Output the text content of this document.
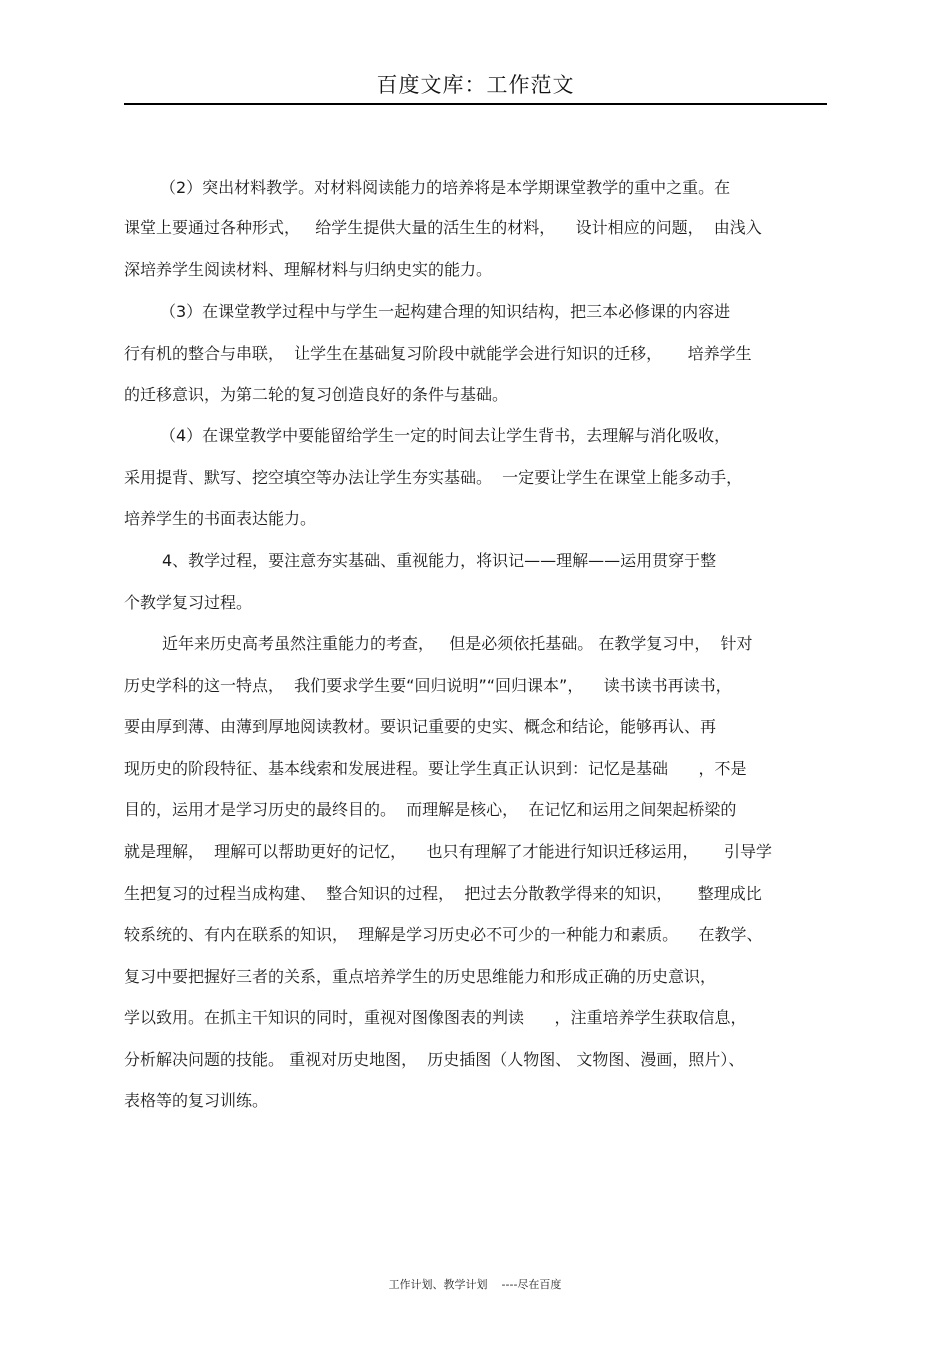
百度文库：工作范文
（2）突出材料教学。对材料阅读能力的培养将是本学期课堂教学的重中之重。在
课堂上要通过各种形式，   给学生提供大量的活生生的材料，    设计相应的问题，  由浅入
深培养学生阅读材料、理解材料与归纳史实的能力。
（3）在课堂教学过程中与学生一起构建合理的知识结构，把三本必修课的内容进
行有机的整合与串联，  让学生在基础复习阶段中就能学会进行知识的迁移，     培养学生
的迁移意识，为第二轮的复习创造良好的条件与基础。
（4）在课堂教学中要能留给学生一定的时间去让学生背书，去理解与消化吸收，
采用提背、默写、挖空填空等办法让学生夯实基础。  一定要让学生在课堂上能多动手，
培养学生的书面表达能力。
4、教学过程，要注意夯实基础、重视能力，将识记——理解——运用贯穿于整
个教学复习过程。
近年来历史高考虽然注重能力的考查，   但是必须依托基础。 在教学复习中，  针对
历史学科的这一特点，  我们要求学生要“回归说明”“回归课本”，    读书读书再读书，
要由厚到薄、由薄到厚地阅读教材。要识记重要的史实、概念和结论，能够再认、再
现历史的阶段特征、基本线索和发展进程。要让学生真正认识到：记忆是基础      ，不是
目的，运用才是学习历史的最终目的。  而理解是核心，  在记忆和运用之间架起桥梁的
就是理解，  理解可以帮助更好的记忆，    也只有理解了才能进行知识迁移运用，     引导学
生把复习的过程当成构建、  整合知识的过程，  把过去分散教学得来的知识，     整理成比
较系统的、有内在联系的知识，  理解是学习历史必不可少的一种能力和素质。    在教学、
复习中要把握好三者的关系，重点培养学生的历史思维能力和形成正确的历史意识，
学以致用。在抓主干知识的同时，重视对图像图表的判读      ，注重培养学生获取信息，
分析解决问题的技能。 重视对历史地图，  历史插图（人物图、 文物图、漫画，照片）、
表格等的复习训练。
工作计划、教学计划    ----尽在百度
